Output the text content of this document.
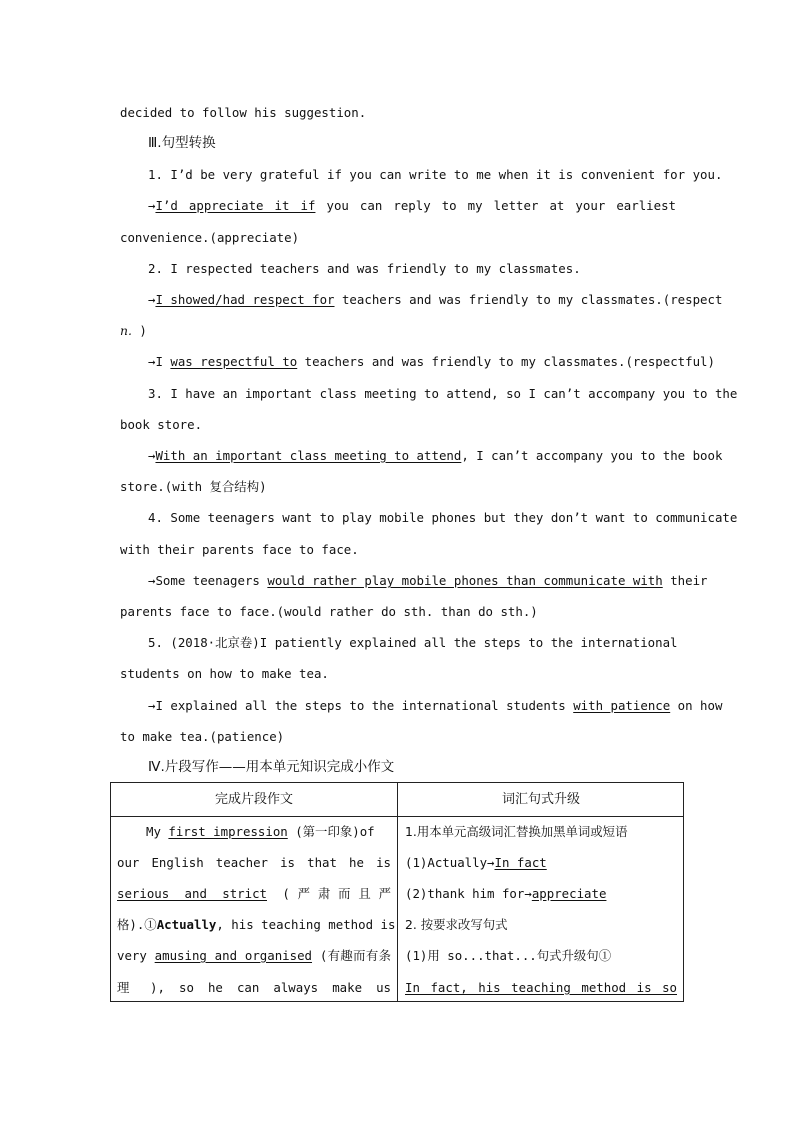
decided to follow his suggestion.
Ⅲ.句型转换
1. I’d be very grateful if you can write to me when it is convenient for you.
→I’d appreciate it if you can reply to my letter at your earliest
convenience.(appreciate)
2. I respected teachers and was friendly to my classmates.
→I showed/had respect for teachers and was friendly to my classmates.(respect
n. )
→I was respectful to teachers and was friendly to my classmates.(respectful)
3. I have an important class meeting to attend, so I can’t accompany you to the
book store.
→With an important class meeting to attend, I can’t accompany you to the book
store.(with 复合结构)
4. Some teenagers want to play mobile phones but they don’t want to communicate
with their parents face to face.
→Some teenagers would rather play mobile phones than communicate with their
parents face to face.(would rather do sth. than do sth.)
5. (2018·北京卷)I patiently explained all the steps to the international
students on how to make tea.
→I explained all the steps to the international students with patience on how
to make tea.(patience)
Ⅳ.片段写作——用本单元知识完成小作文
完成片段作文	词汇句式升级
My first impression (第一印象)of
our English teacher is that he is
serious and strict (严肃而且严
格).①Actually, his teaching method is
very amusing and organised (有趣而有条
理 ), so he can always make us
1.用本单元高级词汇替换加黑单词或短语
(1)Actually→In fact
(2)thank him for→appreciate
2. 按要求改写句式
(1)用 so...that...句式升级句①
In fact, his teaching method is so
